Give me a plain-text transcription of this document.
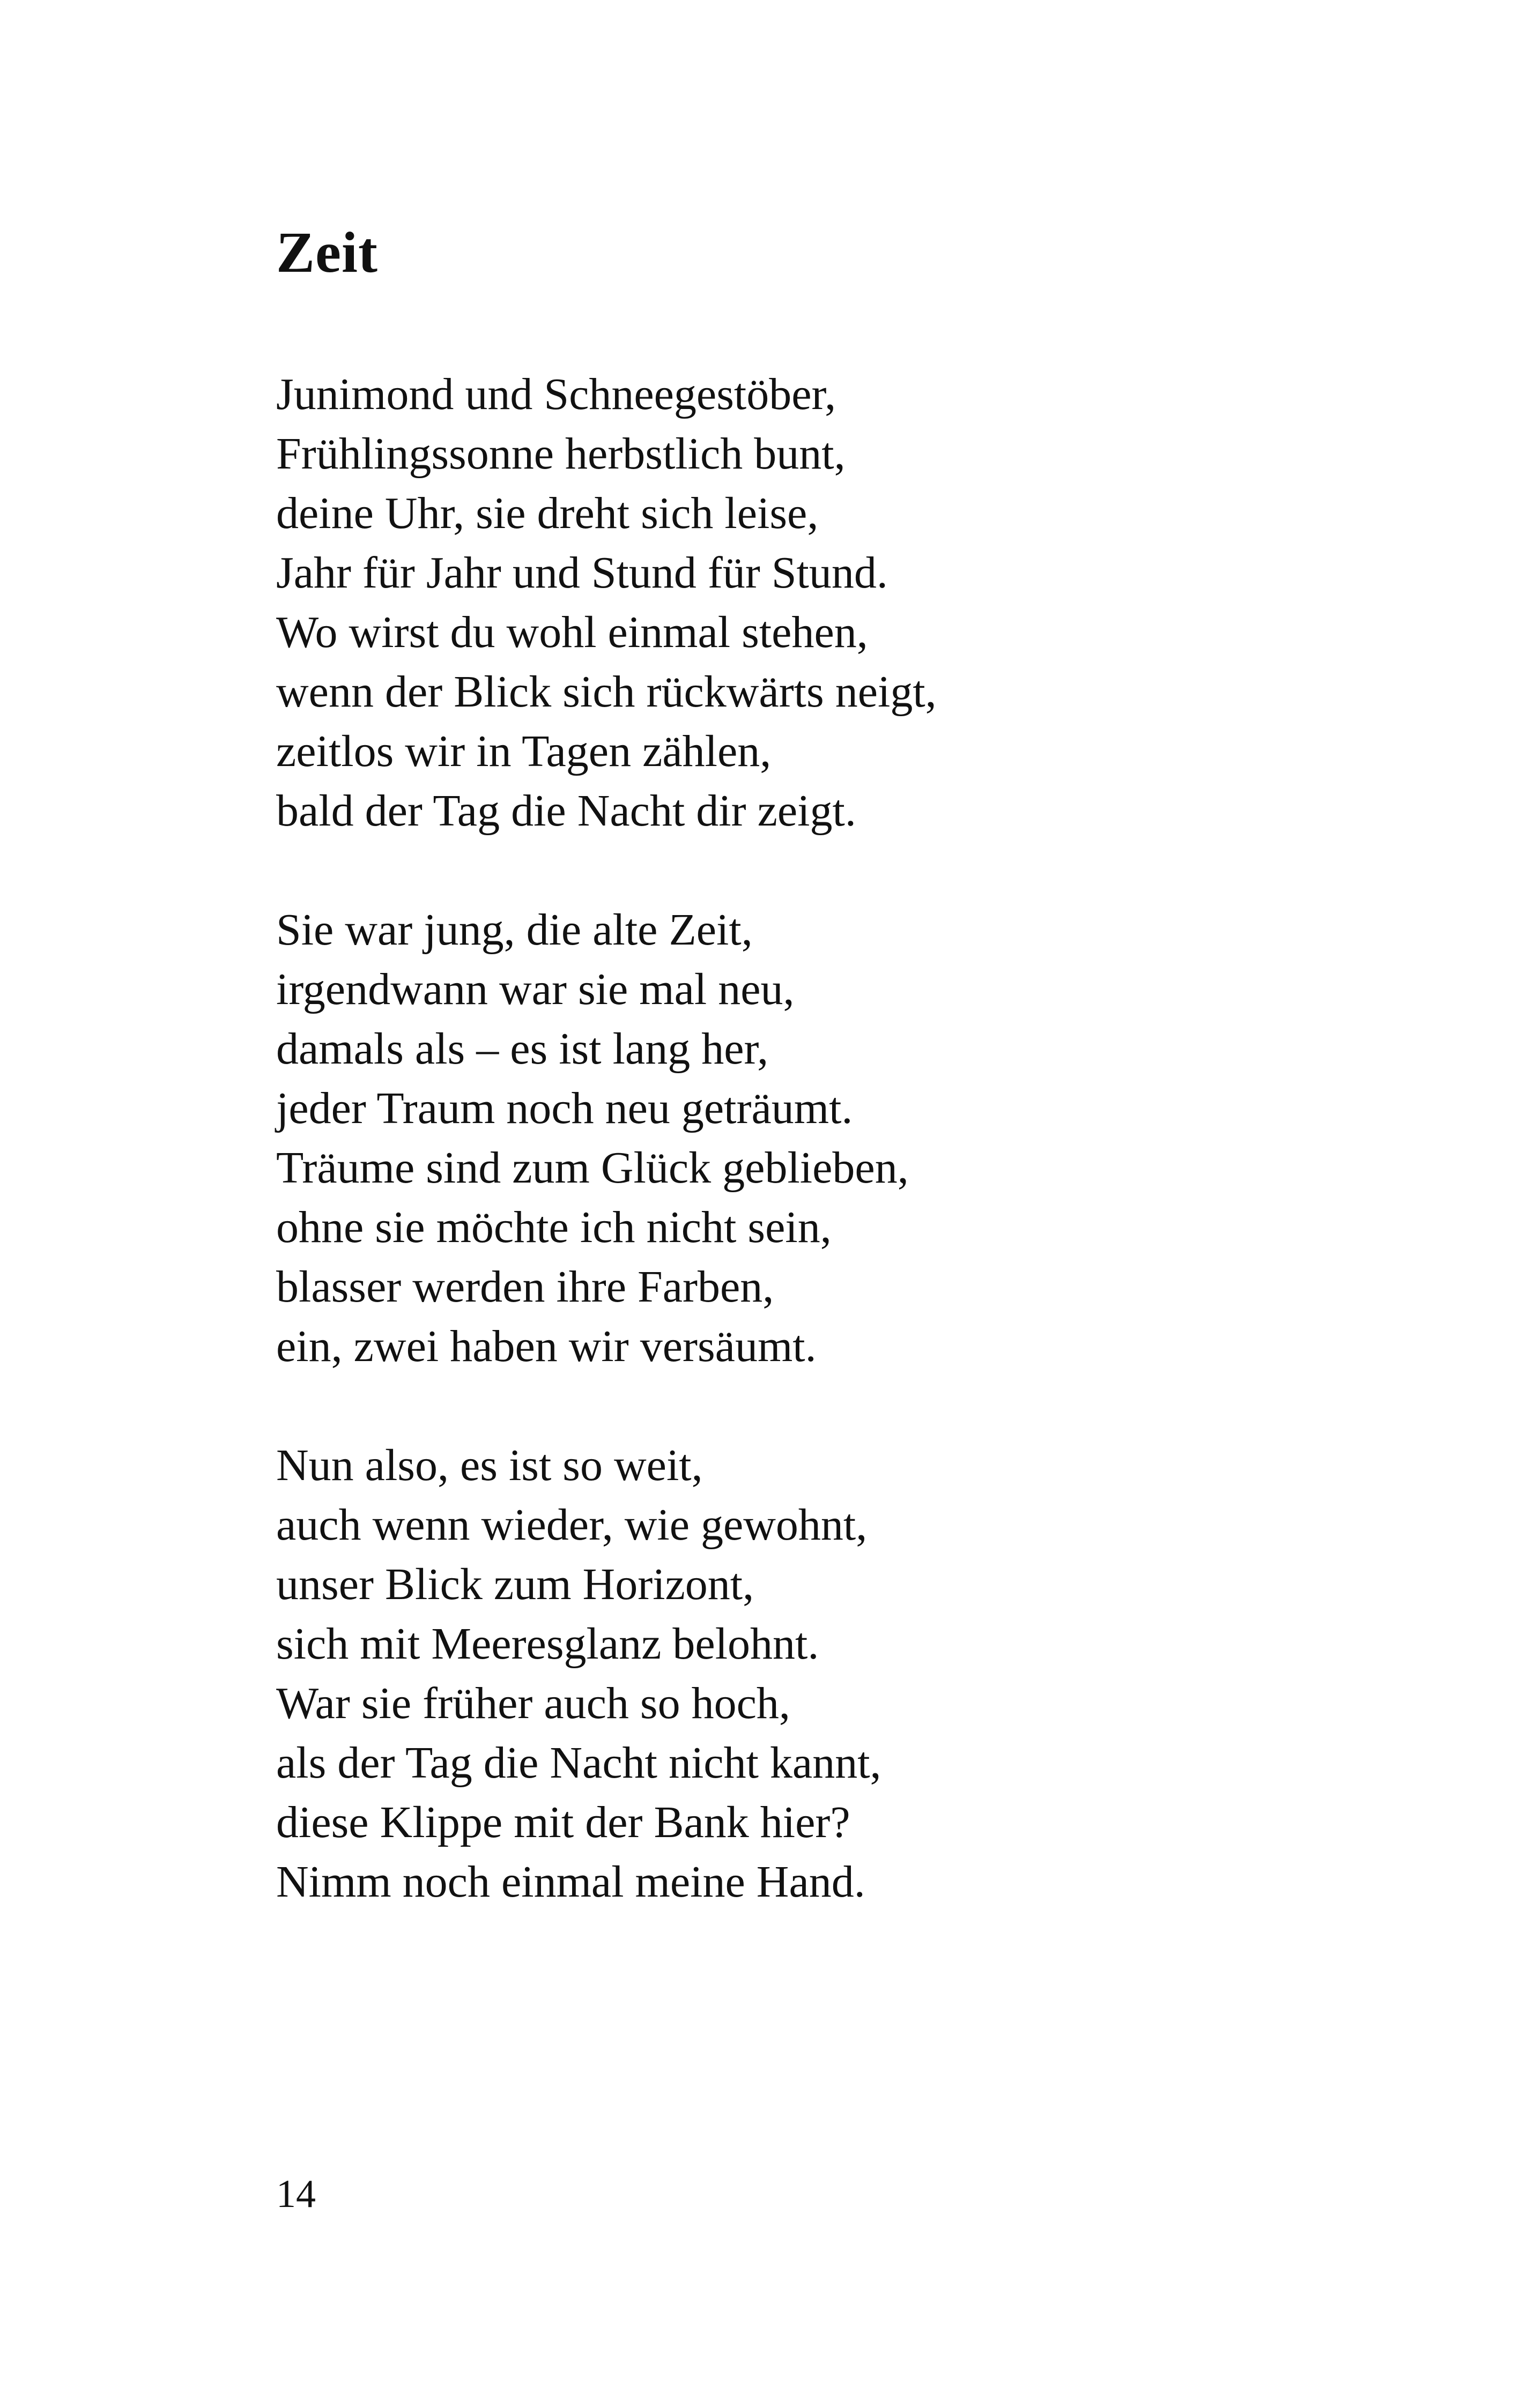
Zeit
Junimond und Schneegestöber,
Frühlingssonne herbstlich bunt,
deine Uhr, sie dreht sich leise,
Jahr für Jahr und Stund für Stund.
Wo wirst du wohl einmal stehen,
wenn der Blick sich rückwärts neigt,
zeitlos wir in Tagen zählen,
bald der Tag die Nacht dir zeigt.
Sie war jung, die alte Zeit,
irgendwann war sie mal neu,
damals als – es ist lang her,
jeder Traum noch neu geträumt.
Träume sind zum Glück geblieben,
ohne sie möchte ich nicht sein,
blasser werden ihre Farben,
ein, zwei haben wir versäumt.
Nun also, es ist so weit,
auch wenn wieder, wie gewohnt,
unser Blick zum Horizont,
sich mit Meeresglanz belohnt.
War sie früher auch so hoch,
als der Tag die Nacht nicht kannt,
diese Klippe mit der Bank hier?
Nimm noch einmal meine Hand.
14
